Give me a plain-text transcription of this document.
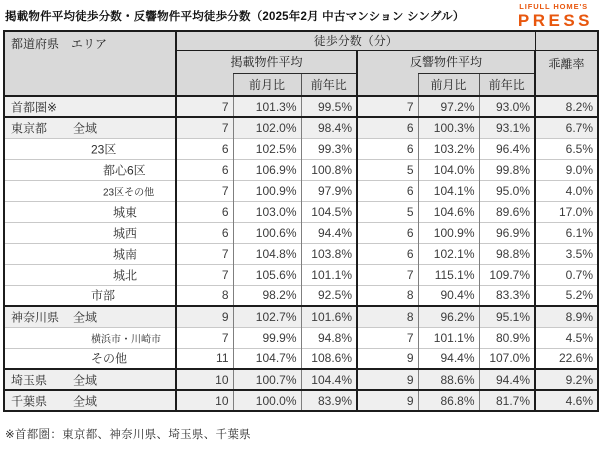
掲載物件平均徒歩分数・反響物件平均徒歩分数（2025年2月 中古マンション シングル）
LIFULL HOME'S
PRESS
都道府県　エリア	徒歩分数（分）						
	掲載物件平均			反響物件平均			乖離率
		前月比	前年比		前月比	前年比	

首都圏※	7	101.3%	99.5%	7	97.2%	93.0%	8.2%

東京都 全域	7	102.0%	98.4%	6	100.3%	93.1%	6.7%

23区	6	102.5%	99.3%	6	103.2%	96.4%	6.5%

都心6区	6	106.9%	100.8%	5	104.0%	99.8%	9.0%

23区その他	7	100.9%	97.9%	6	104.1%	95.0%	4.0%

城東	6	103.0%	104.5%	5	104.6%	89.6%	17.0%

城西	6	100.6%	94.4%	6	100.9%	96.9%	6.1%

城南	7	104.8%	103.8%	6	102.1%	98.8%	3.5%

城北	7	105.6%	101.1%	7	115.1%	109.7%	0.7%

市部	8	98.2%	92.5%	8	90.4%	83.3%	5.2%

神奈川県 全域	9	102.7%	101.6%	8	96.2%	95.1%	8.9%

横浜市・川崎市	7	99.9%	94.8%	7	101.1%	80.9%	4.5%

その他	11	104.7%	108.6%	9	94.4%	107.0%	22.6%

埼玉県 全域	10	100.7%	104.4%	9	88.6%	94.4%	9.2%

千葉県 全域	10	100.0%	83.9%	9	86.8%	81.7%	4.6%
※首都圏：東京都、神奈川県、埼玉県、千葉県
